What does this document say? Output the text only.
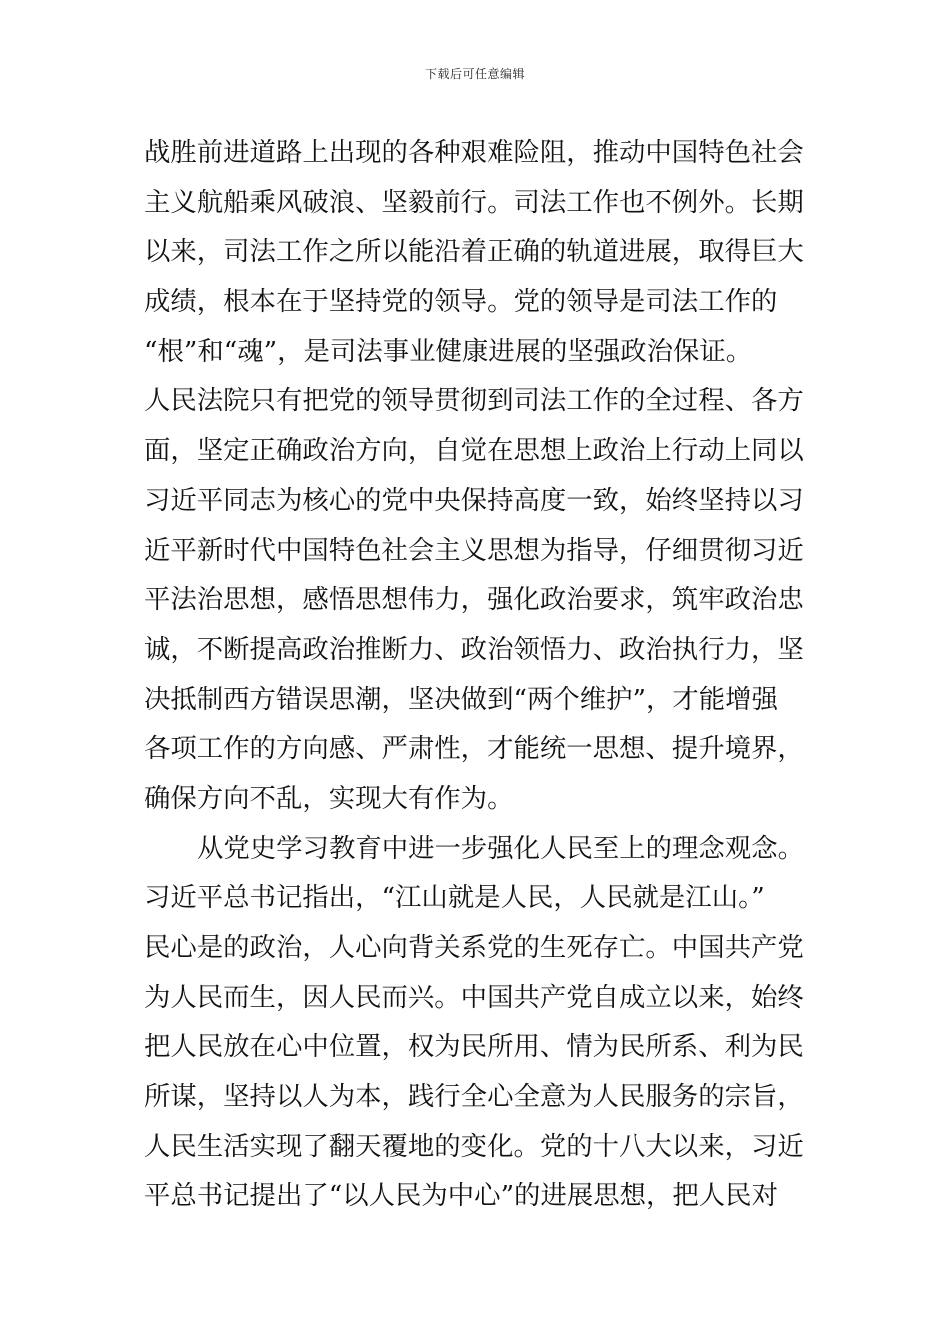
下载后可任意编辑
战胜前进道路上出现的各种艰难险阻，推动中国特色社会
主义航船乘风破浪、坚毅前行。司法工作也不例外。长期
以来，司法工作之所以能沿着正确的轨道进展，取得巨大
成绩，根本在于坚持党的领导。党的领导是司法工作的
“根”和“魂”，是司法事业健康进展的坚强政治保证。
人民法院只有把党的领导贯彻到司法工作的全过程、各方
面，坚定正确政治方向，自觉在思想上政治上行动上同以
习近平同志为核心的党中央保持高度一致，始终坚持以习
近平新时代中国特色社会主义思想为指导，仔细贯彻习近
平法治思想，感悟思想伟力，强化政治要求，筑牢政治忠
诚，不断提高政治推断力、政治领悟力、政治执行力，坚
决抵制西方错误思潮，坚决做到“两个维护”，才能增强
各项工作的方向感、严肃性，才能统一思想、提升境界，
确保方向不乱，实现大有作为。
从党史学习教育中进一步强化人民至上的理念观念。
习近平总书记指出，“江山就是人民，人民就是江山。”
民心是的政治，人心向背关系党的生死存亡。中国共产党
为人民而生，因人民而兴。中国共产党自成立以来，始终
把人民放在心中位置，权为民所用、情为民所系、利为民
所谋，坚持以人为本，践行全心全意为人民服务的宗旨，
人民生活实现了翻天覆地的变化。党的十八大以来，习近
平总书记提出了“以人民为中心”的进展思想，把人民对
